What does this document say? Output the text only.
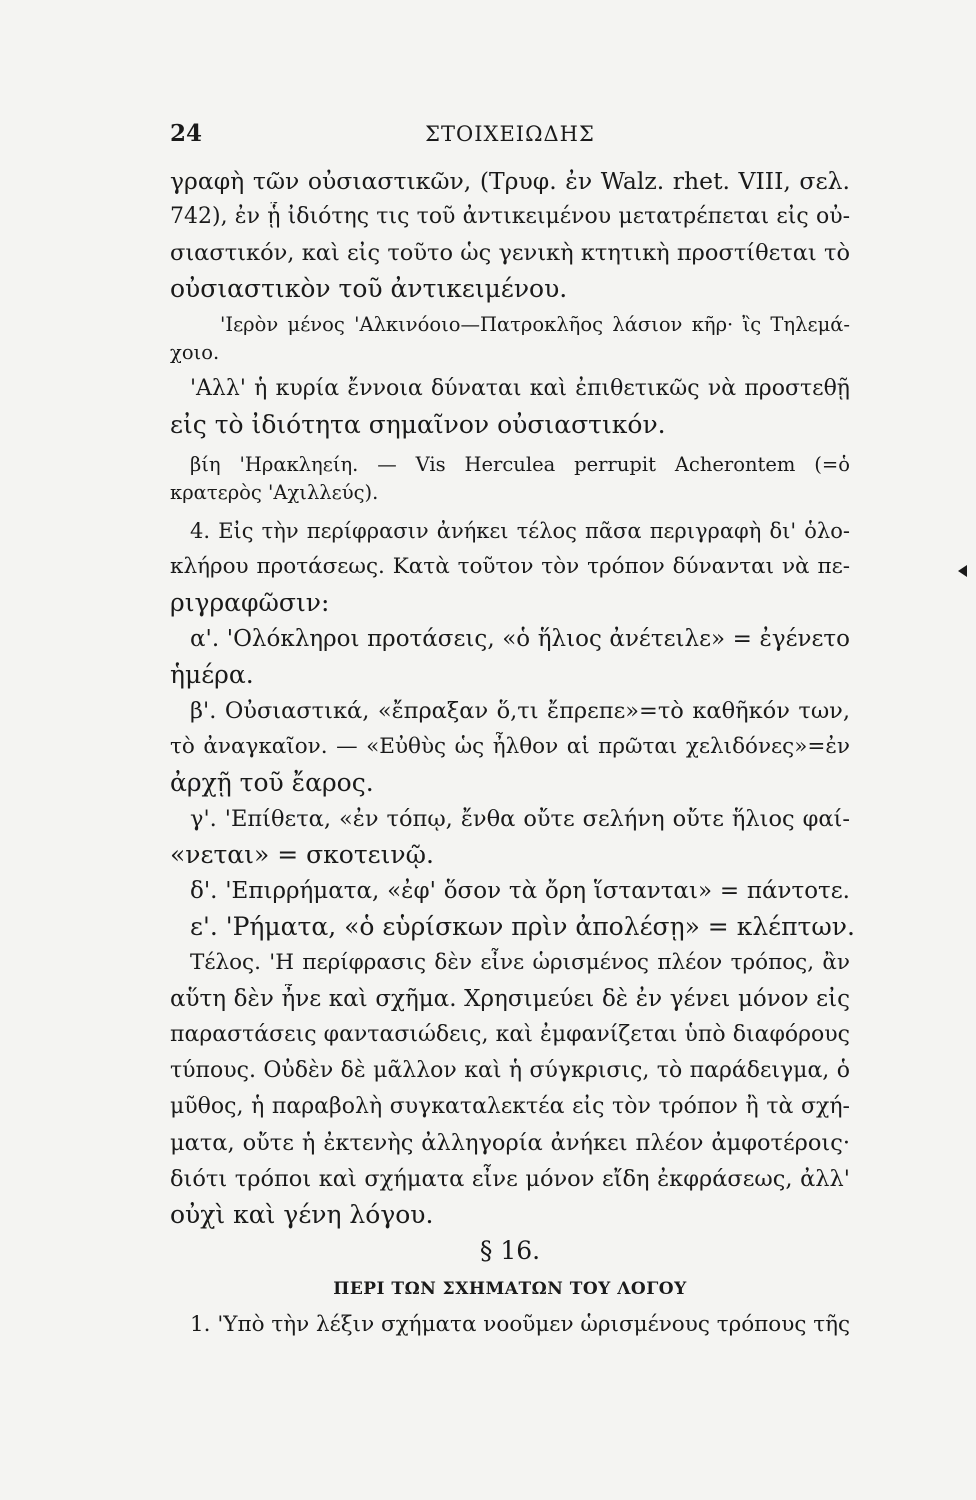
24	ΣΤΟΙΧΕΙΩΔΗΣ
γραφὴ τῶν οὐσιαστικῶν, (Τρυφ. ἐν Walz. rhet. VIII, σελ.
742), ἐν ᾗ ἰδιότης τις τοῦ ἀντικειμένου μετατρέπεται εἰς οὐ-
σιαστικόν, καὶ εἰς τοῦτο ὡς γενικὴ κτητικὴ προστίθεται τὸ
οὐσιαστικὸν τοῦ ἀντικειμένου.
'Ιερὸν μένος 'Αλκινόοιο—Πατροκλῆος λάσιον κῆρ· ἲς Τηλεμά-
χοιο.
'Αλλ' ἡ κυρία ἔννοια δύναται καὶ ἐπιθετικῶς νὰ προστεθῇ
εἰς τὸ ἰδιότητα σημαῖνον οὐσιαστικόν.
βίη 'Ηρακληείη. — Vis Herculea perrupit Acherontem (=ὁ
κρατερὸς 'Αχιλλεύς).
4. Εἰς τὴν περίφρασιν ἀνήκει τέλος πᾶσα περιγραφὴ δι' ὁλο-
κλήρου προτάσεως. Κατὰ τοῦτον τὸν τρόπον δύνανται νὰ πε-
ριγραφῶσιν:
α'. 'Ολόκληροι προτάσεις, «ὁ ἥλιος ἀνέτειλε» = ἐγένετο
ἡμέρα.
β'. Οὐσιαστικά, «ἔπραξαν ὅ,τι ἔπρεπε»=τὸ καθῆκόν των,
τὸ ἀναγκαῖον. — «Εὐθὺς ὡς ἦλθον αἱ πρῶται χελιδόνες»=ἐν
ἀρχῇ τοῦ ἔαρος.
γ'. 'Επίθετα, «ἐν τόπῳ, ἔνθα οὔτε σελήνη οὔτε ἥλιος φαί-
«νεται» = σκοτεινῷ.
δ'. 'Επιρρήματα, «ἐφ' ὅσον τὰ ὄρη ἵστανται» = πάντοτε.
ε'. 'Ρήματα, «ὁ εὑρίσκων πρὶν ἀπολέσῃ» = κλέπτων.
Τέλος. 'Η περίφρασις δὲν εἶνε ὡρισμένος πλέον τρόπος, ἂν
αὕτη δὲν ἦνε καὶ σχῆμα. Χρησιμεύει δὲ ἐν γένει μόνον εἰς
παραστάσεις φαντασιώδεις, καὶ ἐμφανίζεται ὑπὸ διαφόρους
τύπους. Οὐδὲν δὲ μᾶλλον καὶ ἡ σύγκρισις, τὸ παράδειγμα, ὁ
μῦθος, ἡ παραβολὴ συγκαταλεκτέα εἰς τὸν τρόπον ἢ τὰ σχή-
ματα, οὔτε ἡ ἐκτενὴς ἀλληγορία ἀνήκει πλέον ἀμφοτέροις·
διότι τρόποι καὶ σχήματα εἶνε μόνον εἴδη ἐκφράσεως, ἀλλ'
οὐχὶ καὶ γένη λόγου.
§ 16.
ΠΕΡΙ ΤΩΝ ΣΧΗΜΑΤΩΝ ΤΟΥ ΛΟΓΟΥ
1. 'Υπὸ τὴν λέξιν σχήματα νοοῦμεν ὡρισμένους τρόπους τῆς
